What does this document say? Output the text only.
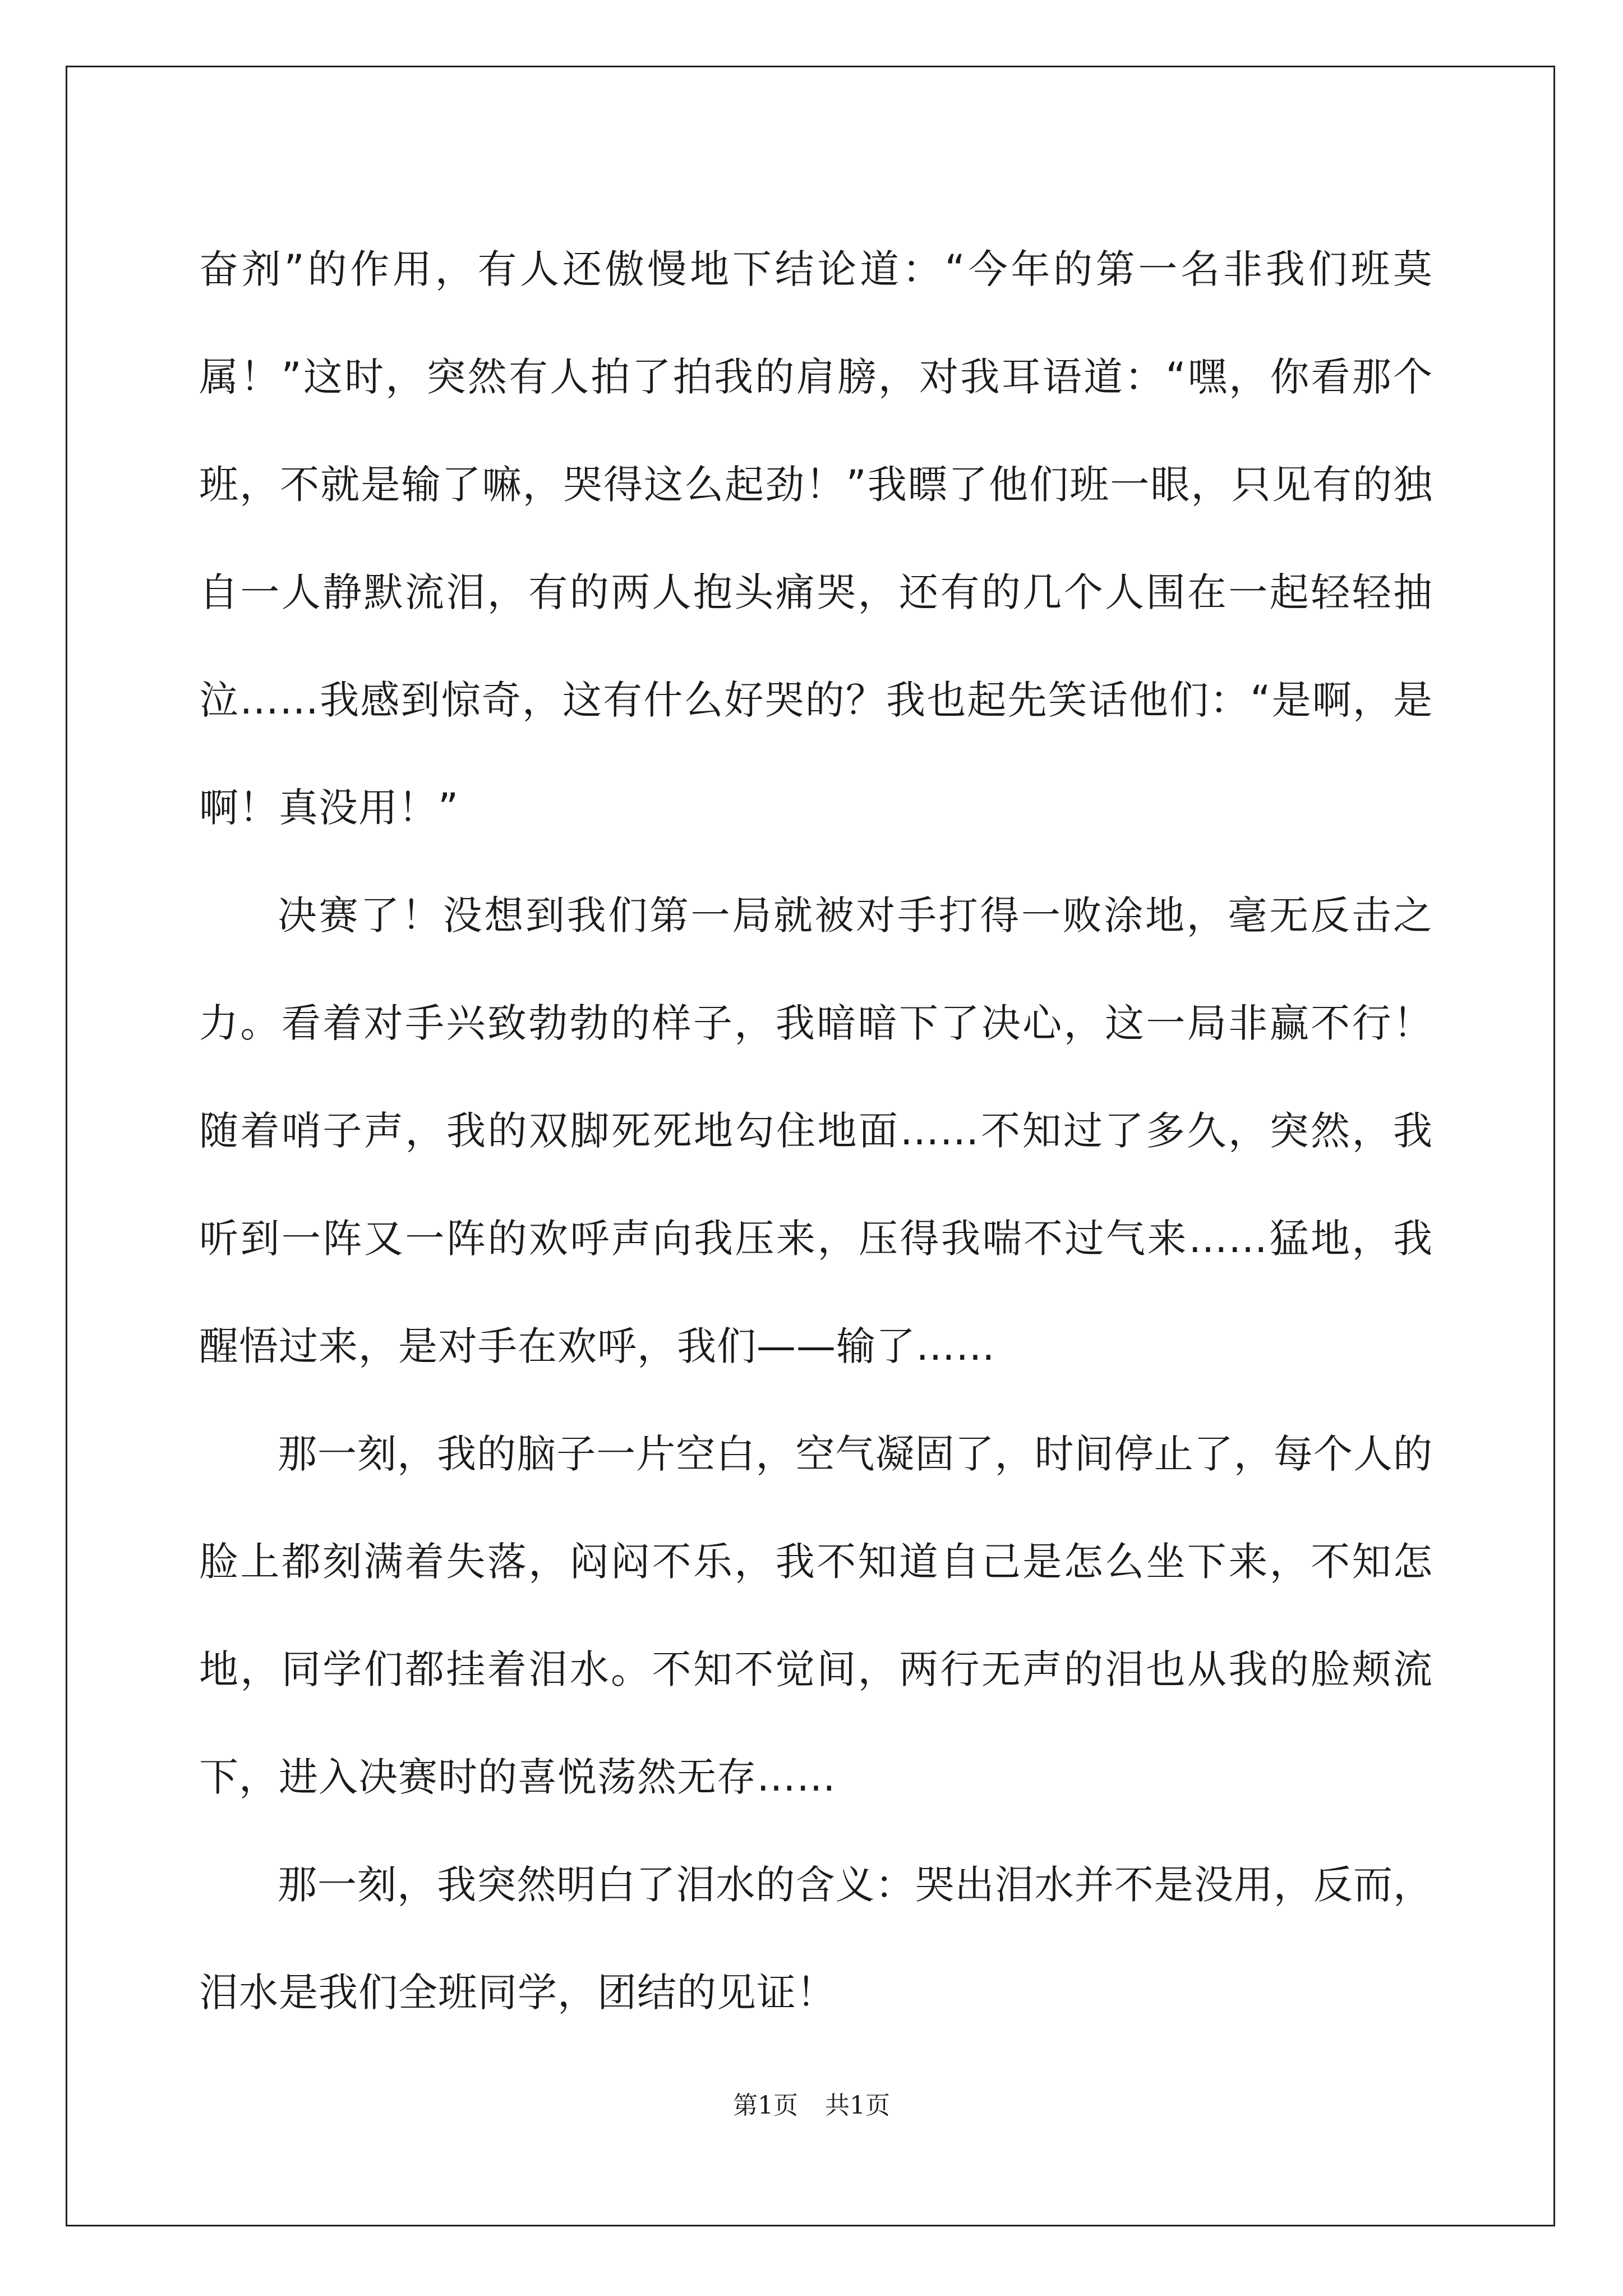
奋剂”的作用，有人还傲慢地下结论道：“今年的第一名非我们班莫属！”这时，突然有人拍了拍我的肩膀，对我耳语道：“嘿，你看那个班，不就是输了嘛，哭得这么起劲！”我瞟了他们班一眼，只见有的独自一人静默流泪，有的两人抱头痛哭，还有的几个人围在一起轻轻抽泣……我感到惊奇，这有什么好哭的？我也起先笑话他们：“是啊，是啊！真没用！”

决赛了！没想到我们第一局就被对手打得一败涂地，毫无反击之力。看着对手兴致勃勃的样子，我暗暗下了决心，这一局非赢不行！随着哨子声，我的双脚死死地勾住地面……不知过了多久，突然，我听到一阵又一阵的欢呼声向我压来，压得我喘不过气来……猛地，我醒悟过来，是对手在欢呼，我们——输了……

那一刻，我的脑子一片空白，空气凝固了，时间停止了，每个人的脸上都刻满着失落，闷闷不乐，我不知道自己是怎么坐下来，不知怎地，同学们都挂着泪水。不知不觉间，两行无声的泪也从我的脸颊流下，进入决赛时的喜悦荡然无存……

那一刻，我突然明白了泪水的含义：哭出泪水并不是没用，反而，泪水是我们全班同学，团结的见证！

第1页 共1页
